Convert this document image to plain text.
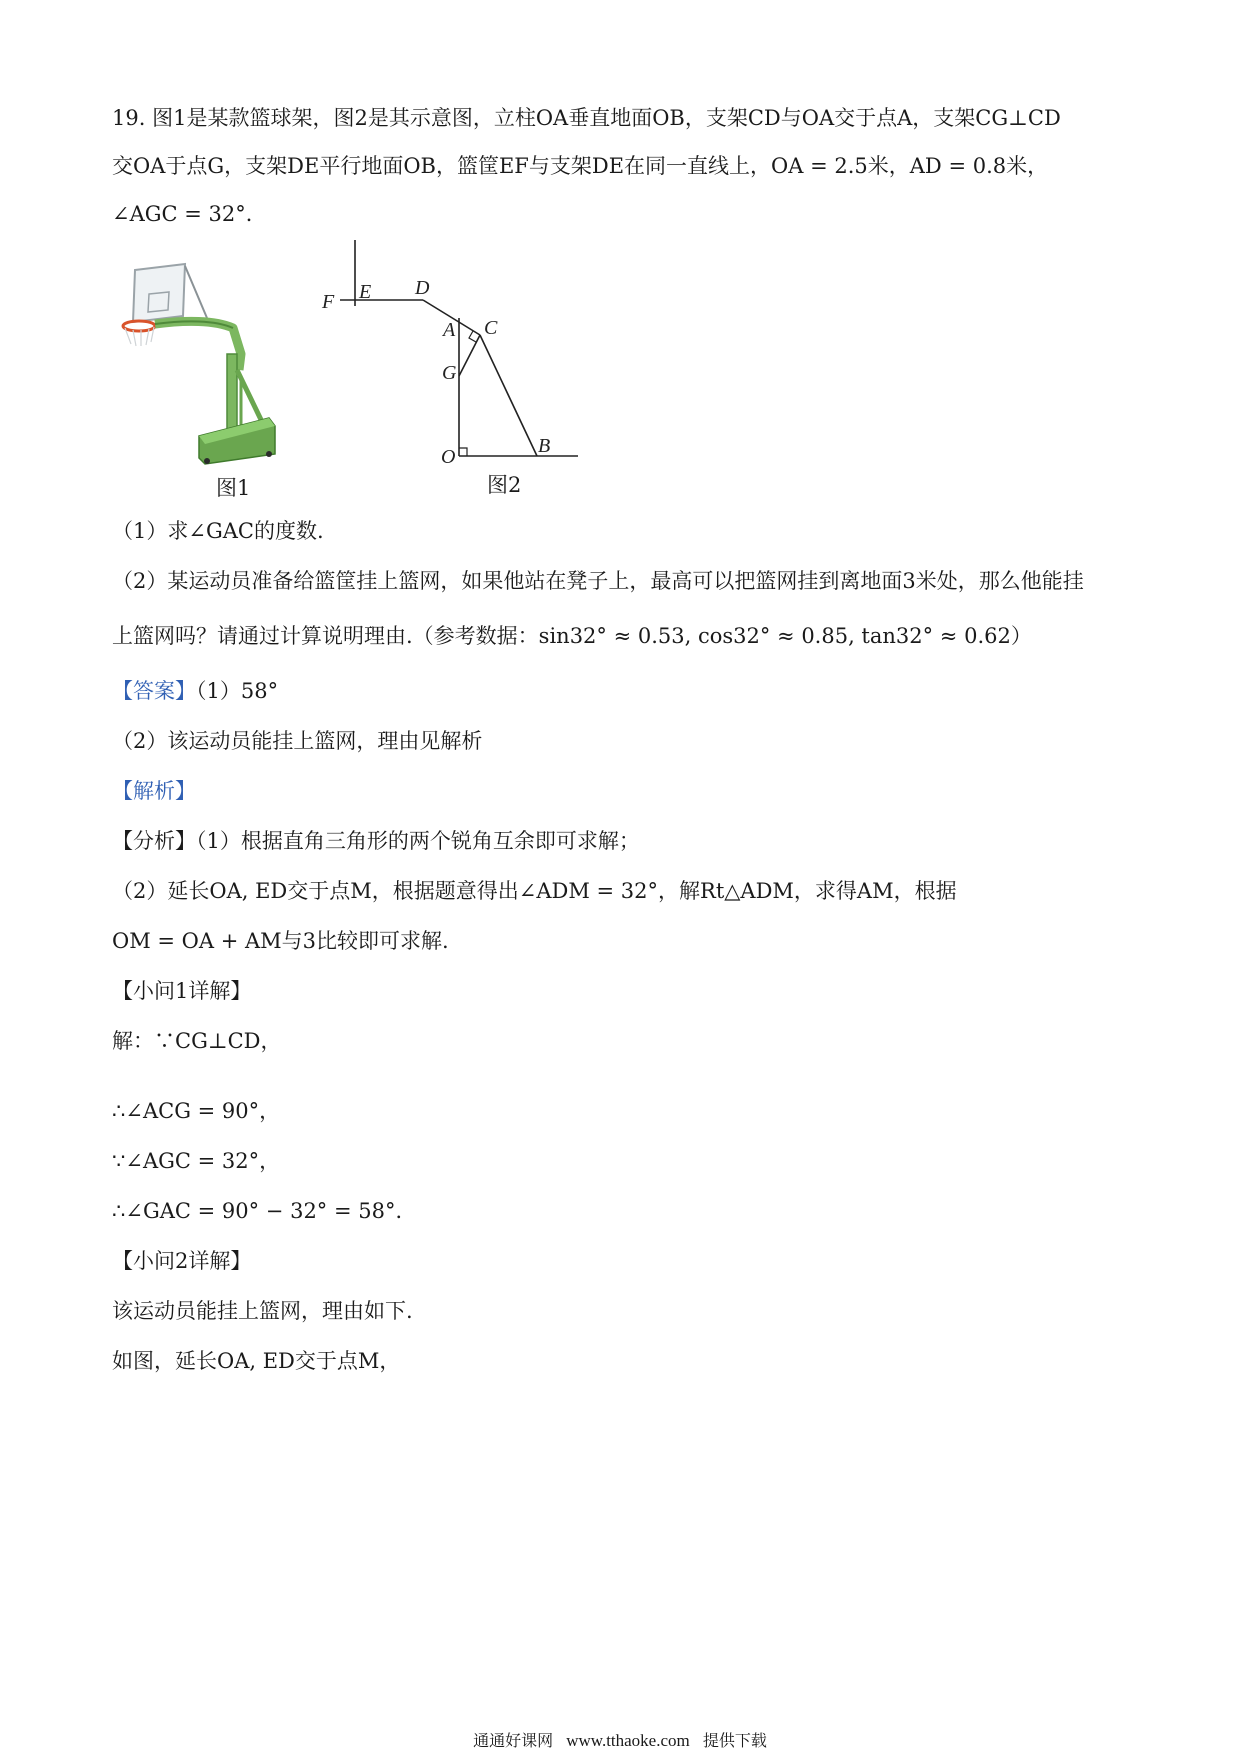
19. 图1是某款篮球架，图2是其示意图，立柱OA垂直地面OB，支架CD与OA交于点A，支架CG⊥CD
交OA于点G，支架DE平行地面OB，篮筐EF与支架DE在同一直线上，OA = 2.5米，AD = 0.8米，
∠AGC = 32°．
图1
F E D
A C
G
O	B
图2
（1）求∠GAC的度数.
（2）某运动员准备给篮筐挂上篮网，如果他站在凳子上，最高可以把篮网挂到离地面3米处，那么他能挂
上篮网吗？请通过计算说明理由.（参考数据：sin32° ≈ 0.53, cos32° ≈ 0.85, tan32° ≈ 0.62）
【答案】（1）58°
（2）该运动员能挂上篮网，理由见解析
【解析】
【分析】（1）根据直角三角形的两个锐角互余即可求解；
（2）延长OA, ED交于点M，根据题意得出∠ADM = 32°，解Rt△ADM，求得AM，根据
OM = OA + AM与3比较即可求解.
【小问1详解】
解：∵CG⊥CD，
∴∠ACG = 90°，
∵∠AGC = 32°，
∴∠GAC = 90° − 32° = 58°．
【小问2详解】
该运动员能挂上篮网，理由如下.
如图，延长OA, ED交于点M，
通通好课网 www.tthaoke.com 提供下载
